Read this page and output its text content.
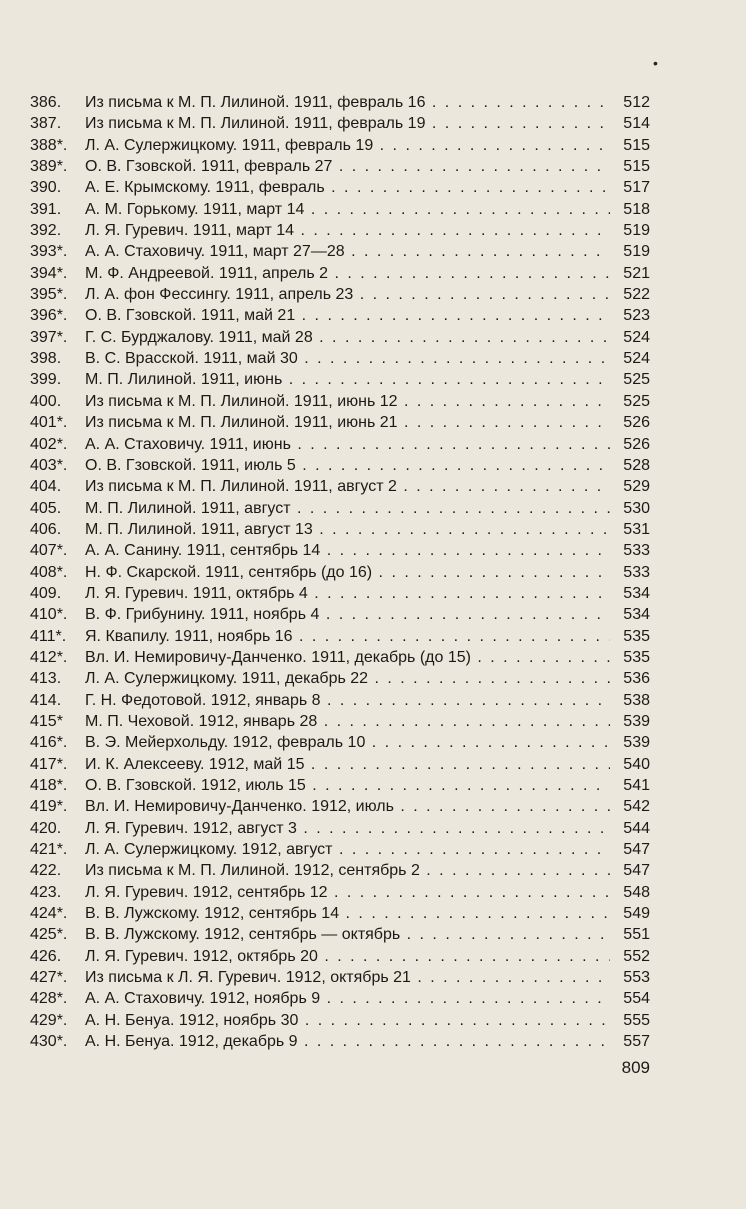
•
386. Из письма к М. П. Лилиной. 1911, февраль 16 . . .	512
387. Из письма к М. П. Лилиной. 1911, февраль 19 . . .	514
388*. Л. А. Сулержицкому. 1911, февраль 19 . . .	515
389*. О. В. Гзовской. 1911, февраль 27 . . .	515
390. А. Е. Крымскому. 1911, февраль . . .	517
391. А. М. Горькому. 1911, март 14 . . .	518
392. Л. Я. Гуревич. 1911, март 14 . . .	519
393*. А. А. Стаховичу. 1911, март 27—28 . . .	519
394*. М. Ф. Андреевой. 1911, апрель 2 . . .	521
395*. Л. А. фон Фессингу. 1911, апрель 23 . . .	522
396*. О. В. Гзовской. 1911, май 21 . . .	523
397*. Г. С. Бурджалову. 1911, май 28 . . .	524
398. В. С. Врасской. 1911, май 30 . . .	524
399. М. П. Лилиной. 1911, июнь . . .	525
400. Из письма к М. П. Лилиной. 1911, июнь 12 . . .	525
401*. Из письма к М. П. Лилиной. 1911, июнь 21 . . .	526
402*. А. А. Стаховичу. 1911, июнь . . .	526
403*. О. В. Гзовской. 1911, июль 5 . . .	528
404. Из письма к М. П. Лилиной. 1911, август 2 . . .	529
405. М. П. Лилиной. 1911, август . . .	530
406. М. П. Лилиной. 1911, август 13 . . .	531
407*. А. А. Санину. 1911, сентябрь 14 . . .	533
408*. Н. Ф. Скарской. 1911, сентябрь (до 16) . . .	533
409. Л. Я. Гуревич. 1911, октябрь 4 . . .	534
410*. В. Ф. Грибунину. 1911, ноябрь 4 . . .	534
411*. Я. Квапилу. 1911, ноябрь 16 . . .	535
412*. Вл. И. Немировичу-Данченко. 1911, декабрь (до 15) . . .	535
413. Л. А. Сулержицкому. 1911, декабрь 22 . . .	536
414. Г. Н. Федотовой. 1912, январь 8 . . .	538
415* М. П. Чеховой. 1912, январь 28 . . .	539
416*. В. Э. Мейерхольду. 1912, февраль 10 . . .	539
417*. И. К. Алексееву. 1912, май 15 . . .	540
418*. О. В. Гзовской. 1912, июль 15 . . .	541
419*. Вл. И. Немировичу-Данченко. 1912, июль . . .	542
420. Л. Я. Гуревич. 1912, август 3 . . .	544
421*. Л. А. Сулержицкому. 1912, август . . .	547
422. Из письма к М. П. Лилиной. 1912, сентябрь 2 . . .	547
423. Л. Я. Гуревич. 1912, сентябрь 12 . . .	548
424*. В. В. Лужскому. 1912, сентябрь 14 . . .	549
425*. В. В. Лужскому. 1912, сентябрь — октябрь . . .	551
426. Л. Я. Гуревич. 1912, октябрь 20 . . .	552
427*. Из письма к Л. Я. Гуревич. 1912, октябрь 21 . . .	553
428*. А. А. Стаховичу. 1912, ноябрь 9 . . .	554
429*. А. Н. Бенуа. 1912, ноябрь 30 . . .	555
430*. А. Н. Бенуа. 1912, декабрь 9 . . .	557
809
